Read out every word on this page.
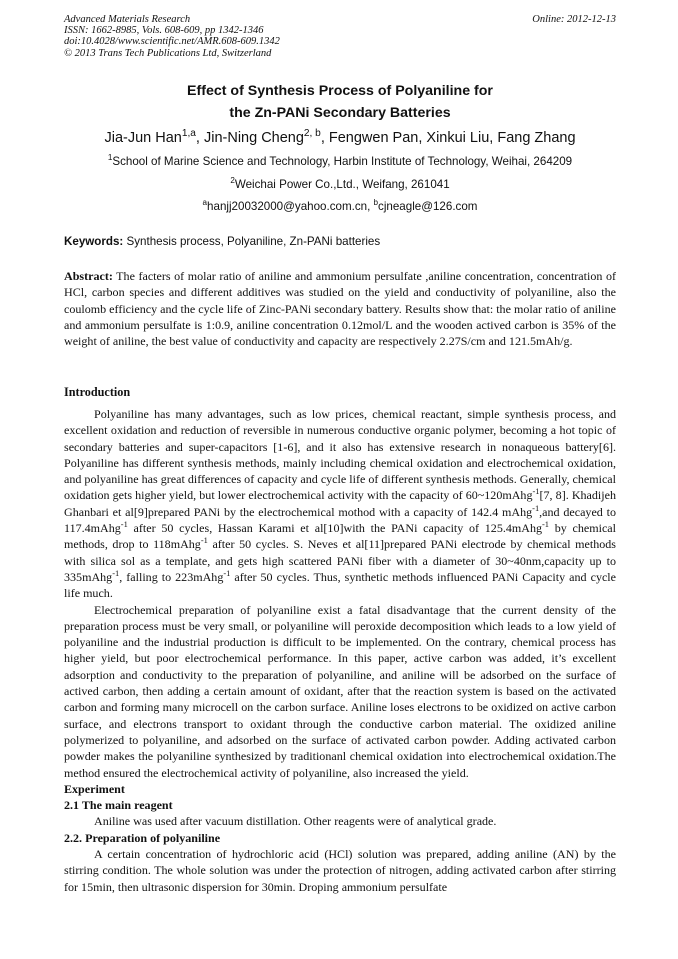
Advanced Materials Research
ISSN: 1662-8985, Vols. 608-609, pp 1342-1346
doi:10.4028/www.scientific.net/AMR.608-609.1342
© 2013 Trans Tech Publications Ltd, Switzerland
Online: 2012-12-13
Effect of Synthesis Process of Polyaniline for
the Zn-PANi Secondary Batteries
Jia-Jun Han$^{1,a}$, Jin-Ning Cheng$^{2, b}$, Fengwen Pan, Xinkui Liu, Fang Zhang
$^1$School of Marine Science and Technology, Harbin Institute of Technology, Weihai, 264209
$^2$Weichai Power Co.,Ltd., Weifang, 261041
$^a$hanjj20032000@yahoo.com.cn, $^b$cjneagle@126.com
Keywords: Synthesis process, Polyaniline, Zn-PANi batteries
Abstract: The facters of molar ratio of aniline and ammonium persulfate ,aniline concentration, concentration of HCl, carbon species and different additives was studied on the yield and conductivity of polyaniline, also the coulomb efficiency and the cycle life of Zinc-PANi secondary battery. Results show that: the molar ratio of aniline and ammonium persulfate is 1:0.9, aniline concentration 0.12mol/L and the wooden actived carbon is 35% of the weight of aniline, the best value of conductivity and capacity are respectively 2.27S/cm and 121.5mAh/g.
Introduction

Polyaniline has many advantages, such as low prices, chemical reactant, simple synthesis process, and excellent oxidation and reduction of reversible in numerous conductive organic polymer, becoming a hot topic of secondary batteries and super-capacitors [1-6], and it also has extensive research in nonaqueous battery[6]. Polyaniline has different synthesis methods, mainly including chemical oxidation and electrochemical oxidation, and polyaniline has great differences of capacity and cycle life of different synthesis methods. Generally, chemical oxidation gets higher yield, but lower electrochemical activity with the capacity of 60~120mAhg$^{-1}$[7, 8]. Khadijeh Ghanbari et al[9]prepared PANi by the electrochemical mothod with a capacity of 142.4 mAhg$^{-1}$,and decayed to 117.4mAhg$^{-1}$ after 50 cycles, Hassan Karami et al[10]with the PANi capacity of 125.4mAhg$^{-1}$ by chemical methods, drop to 118mAhg$^{-1}$ after 50 cycles. S. Neves et al[11]prepared PANi electrode by chemical methods with silica sol as a template, and gets high scattered PANi fiber with a diameter of 30~40nm,capacity up to 335mAhg$^{-1}$, falling to 223mAhg$^{-1}$ after 50 cycles. Thus, synthetic methods influenced PANi Capacity and cycle life much.

Electrochemical preparation of polyaniline exist a fatal disadvantage that the current density of the preparation process must be very small, or polyaniline will peroxide decomposition which leads to a low yield of polyaniline and the industrial production is difficult to be implemented. On the contrary, chemical process has higher yield, but poor electrochemical performance. In this paper, active carbon was added, it’s excellent adsorption and conductivity to the preparation of polyaniline, and aniline will be adsorbed on the surface of actived carbon, then adding a certain amount of oxidant, after that the reaction system is based on the activated carbon and forming many microcell on the carbon surface. Aniline loses electrons to be oxidized on active carbon surface, and electrons transport to oxidant through the conductive carbon material. The oxidized aniline polymerized to polyaniline, and adsorbed on the surface of activated carbon powder. Adding activated carbon powder makes the polyaniline synthesized by traditionanl chemical oxidation into electrochemical oxidation.The method ensured the electrochemical activity of polyaniline, also increased the yield.

Experiment

2.1 The main reagent

Aniline was used after vacuum distillation. Other reagents were of analytical grade.

2.2. Preparation of polyaniline

A certain concentration of hydrochloric acid (HCl) solution was prepared, adding aniline (AN) by the stirring condition. The whole solution was under the protection of nitrogen, adding activated carbon after stirring for 15min, then ultrasonic dispersion for 30min. Droping ammonium persulfate
